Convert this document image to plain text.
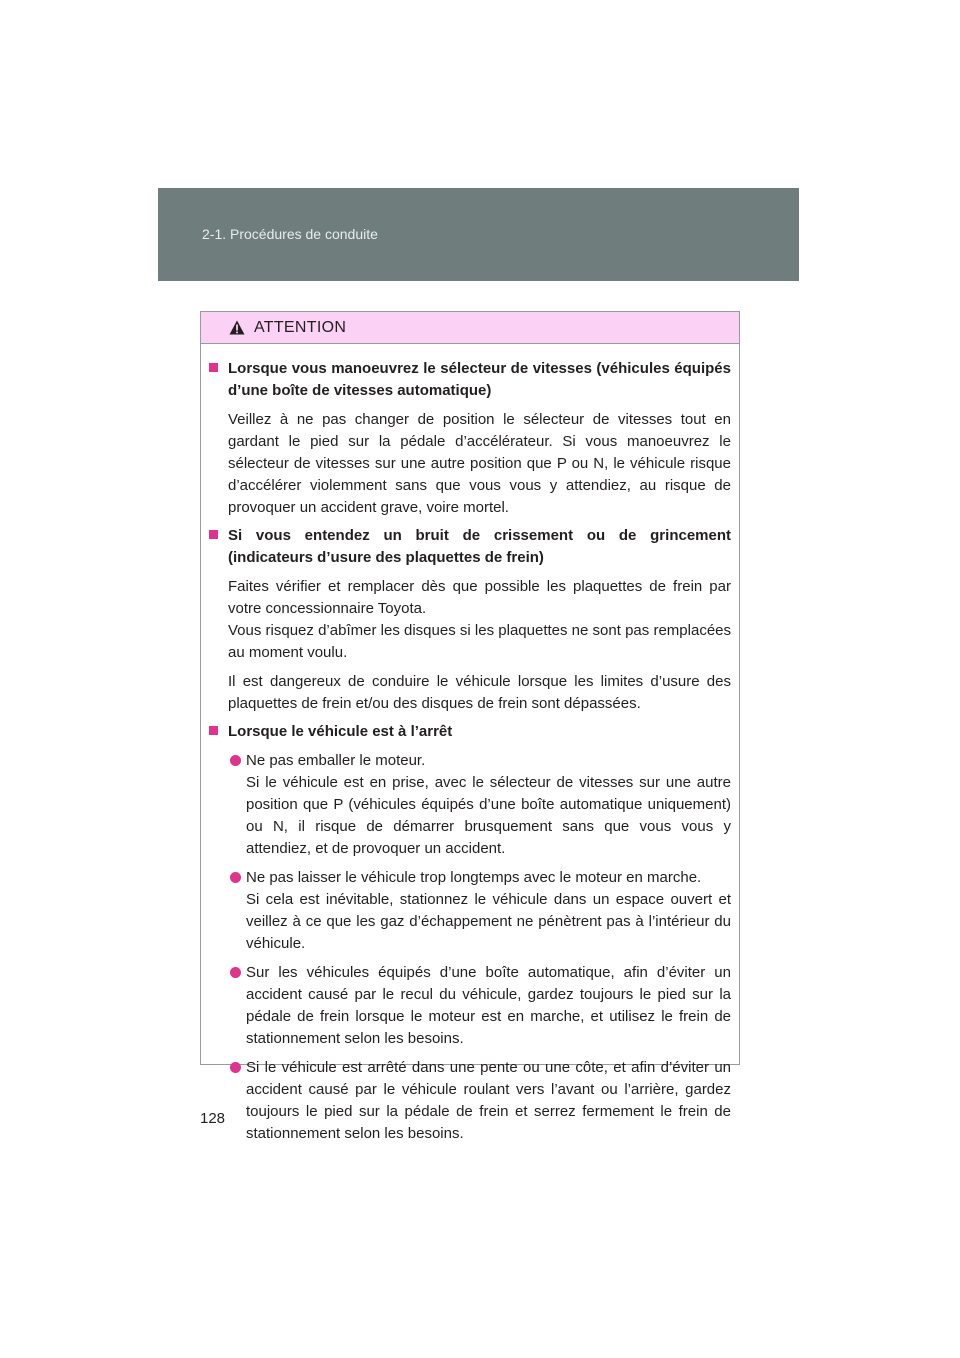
2-1. Procédures de conduite
ATTENTION
Lorsque vous manoeuvrez le sélecteur de vitesses (véhicules équipés d’une boîte de vitesses automatique)
Veillez à ne pas changer de position le sélecteur de vitesses tout en gardant le pied sur la pédale d’accélérateur. Si vous manoeuvrez le sélecteur de vitesses sur une autre position que P ou N, le véhicule risque d’accélérer violemment sans que vous vous y attendiez, au risque de provoquer un accident grave, voire mortel.
Si vous entendez un bruit de crissement ou de grincement (indicateurs d’usure des plaquettes de frein)
Faites vérifier et remplacer dès que possible les plaquettes de frein par votre concessionnaire Toyota.
Vous risquez d’abîmer les disques si les plaquettes ne sont pas remplacées au moment voulu.
Il est dangereux de conduire le véhicule lorsque les limites d’usure des plaquettes de frein et/ou des disques de frein sont dépassées.
Lorsque le véhicule est à l’arrêt
Ne pas emballer le moteur.
Si le véhicule est en prise, avec le sélecteur de vitesses sur une autre position que P (véhicules équipés d’une boîte automatique uniquement) ou N, il risque de démarrer brusquement sans que vous vous y attendiez, et de provoquer un accident.
Ne pas laisser le véhicule trop longtemps avec le moteur en marche.
Si cela est inévitable, stationnez le véhicule dans un espace ouvert et veillez à ce que les gaz d’échappement ne pénètrent pas à l’intérieur du véhicule.
Sur les véhicules équipés d’une boîte automatique, afin d’éviter un accident causé par le recul du véhicule, gardez toujours le pied sur la pédale de frein lorsque le moteur est en marche, et utilisez le frein de stationnement selon les besoins.
Si le véhicule est arrêté dans une pente ou une côte, et afin d’éviter un accident causé par le véhicule roulant vers l’avant ou l’arrière, gardez toujours le pied sur la pédale de frein et serrez fermement le frein de stationnement selon les besoins.
128
